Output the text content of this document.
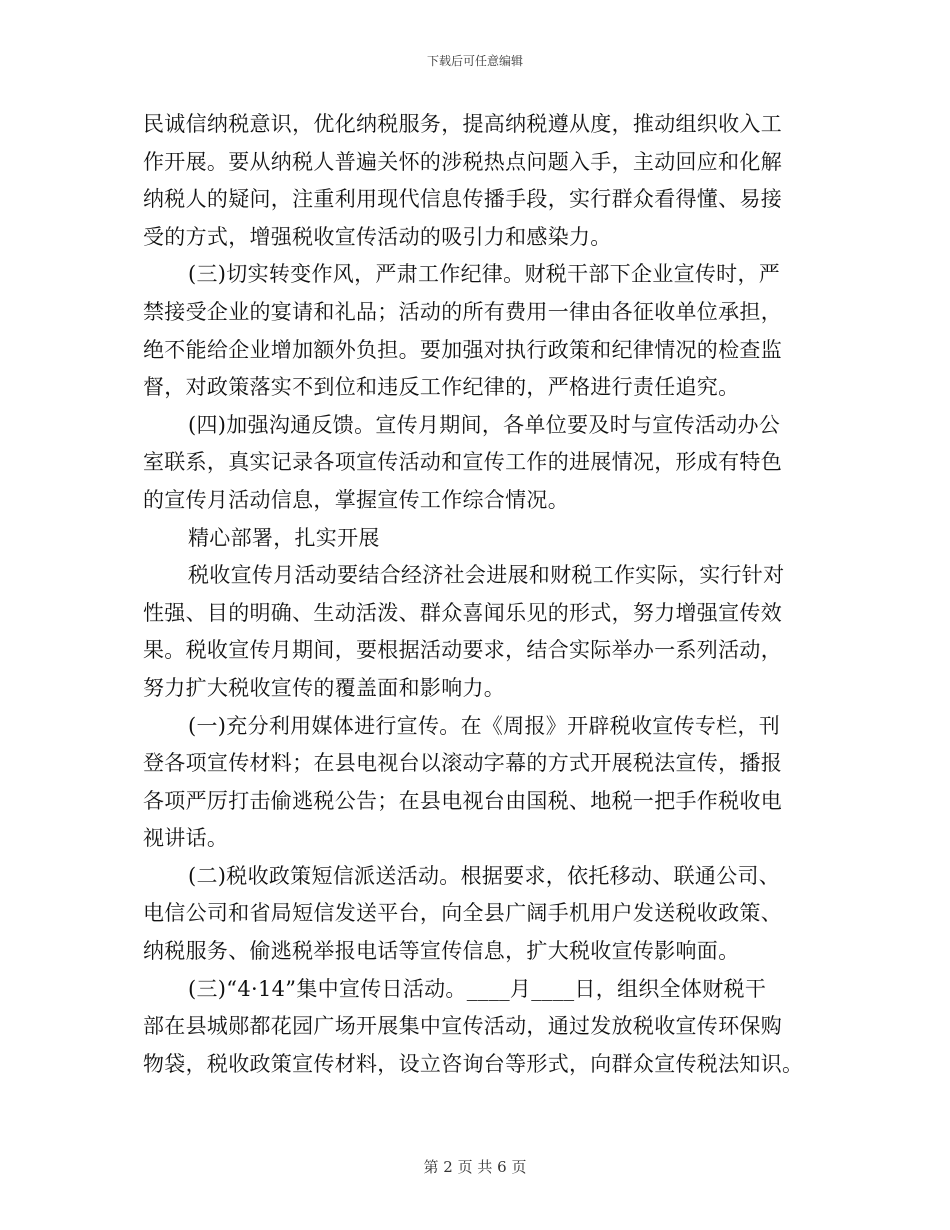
下载后可任意编辑

民诚信纳税意识，优化纳税服务，提高纳税遵从度，推动组织收入工
作开展。要从纳税人普遍关怀的涉税热点问题入手，主动回应和化解
纳税人的疑问，注重利用现代信息传播手段，实行群众看得懂、易接
受的方式，增强税收宣传活动的吸引力和感染力。
(三)切实转变作风，严肃工作纪律。财税干部下企业宣传时，严
禁接受企业的宴请和礼品；活动的所有费用一律由各征收单位承担，
绝不能给企业增加额外负担。要加强对执行政策和纪律情况的检查监
督，对政策落实不到位和违反工作纪律的，严格进行责任追究。
(四)加强沟通反馈。宣传月期间，各单位要及时与宣传活动办公
室联系，真实记录各项宣传活动和宣传工作的进展情况，形成有特色
的宣传月活动信息，掌握宣传工作综合情况。
精心部署，扎实开展
税收宣传月活动要结合经济社会进展和财税工作实际，实行针对
性强、目的明确、生动活泼、群众喜闻乐见的形式，努力增强宣传效
果。税收宣传月期间，要根据活动要求，结合实际举办一系列活动，
努力扩大税收宣传的覆盖面和影响力。
(一)充分利用媒体进行宣传。在《周报》开辟税收宣传专栏，刊
登各项宣传材料；在县电视台以滚动字幕的方式开展税法宣传，播报
各项严厉打击偷逃税公告；在县电视台由国税、地税一把手作税收电
视讲话。
(二)税收政策短信派送活动。根据要求，依托移动、联通公司、
电信公司和省局短信发送平台，向全县广阔手机用户发送税收政策、
纳税服务、偷逃税举报电话等宣传信息，扩大税收宣传影响面。
(三)“4·14”集中宣传日活动。____月____日，组织全体财税干
部在县城郧都花园广场开展集中宣传活动，通过发放税收宣传环保购
物袋，税收政策宣传材料，设立咨询台等形式，向群众宣传税法知识。

第 2 页 共 6 页
